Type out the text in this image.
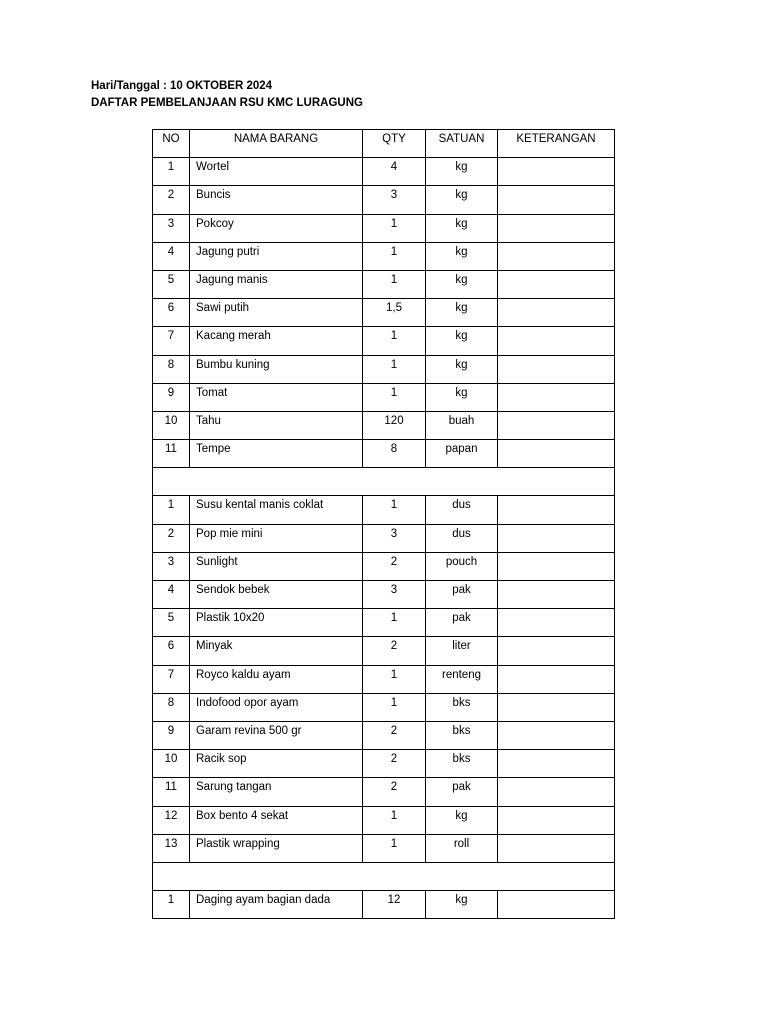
Hari/Tanggal : 10 OKTOBER 2024
DAFTAR PEMBELANJAAN RSU KMC LURAGUNG
NO	NAMA BARANG	QTY	SATUAN	KETERANGAN

1	Wortel	4	kg	

2	Buncis	3	kg	

3	Pokcoy	1	kg	

4	Jagung putri	1	kg	

5	Jagung manis	1	kg	

6	Sawi putih	1,5	kg	

7	Kacang merah	1	kg	

8	Bumbu kuning	1	kg	

9	Tomat	1	kg	

10	Tahu	120	buah	

11	Tempe	8	papan	

1	Susu kental manis coklat	1	dus	

2	Pop mie mini	3	dus	

3	Sunlight	2	pouch	

4	Sendok bebek	3	pak	

5	Plastik 10x20	1	pak	

6	Minyak	2	liter	

7	Royco kaldu ayam	1	renteng	

8	Indofood opor ayam	1	bks	

9	Garam revina 500 gr	2	bks	

10	Racik sop	2	bks	

11	Sarung tangan	2	pak	

12	Box bento 4 sekat	1	kg	

13	Plastik wrapping	1	roll	

1	Daging ayam bagian dada	12	kg	
